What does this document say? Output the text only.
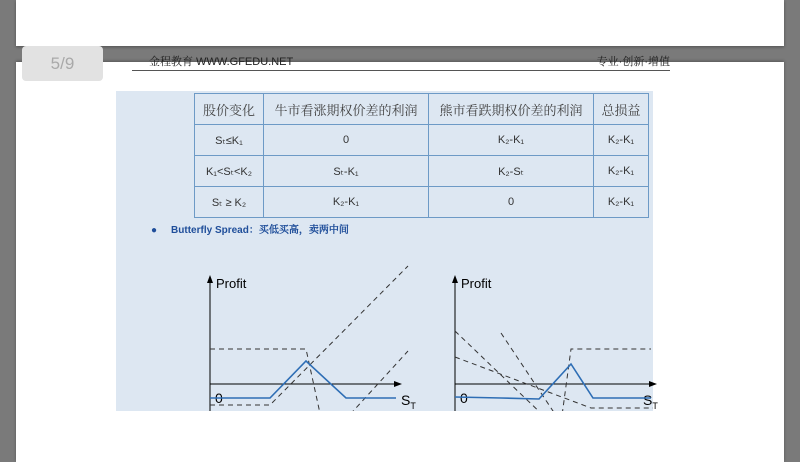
5/9	金程教育 WWW.GFEDU.NET	专业·创新·增值
股价变化	牛市看涨期权价差的利润	熊市看跌期权价差的利润	总损益
Sₜ≤K₁	0	K₂-K₁	K₂-K₁
K₁<Sₜ<K₂	Sₜ-K₁	K₂-Sₜ	K₂-K₁
Sₜ ≥ K₂	K₂-K₁	0	K₂-K₁
● Butterfly Spread：买低买高，卖两中间
Profit
0	$S_T$
Profit
0	$S_T$
